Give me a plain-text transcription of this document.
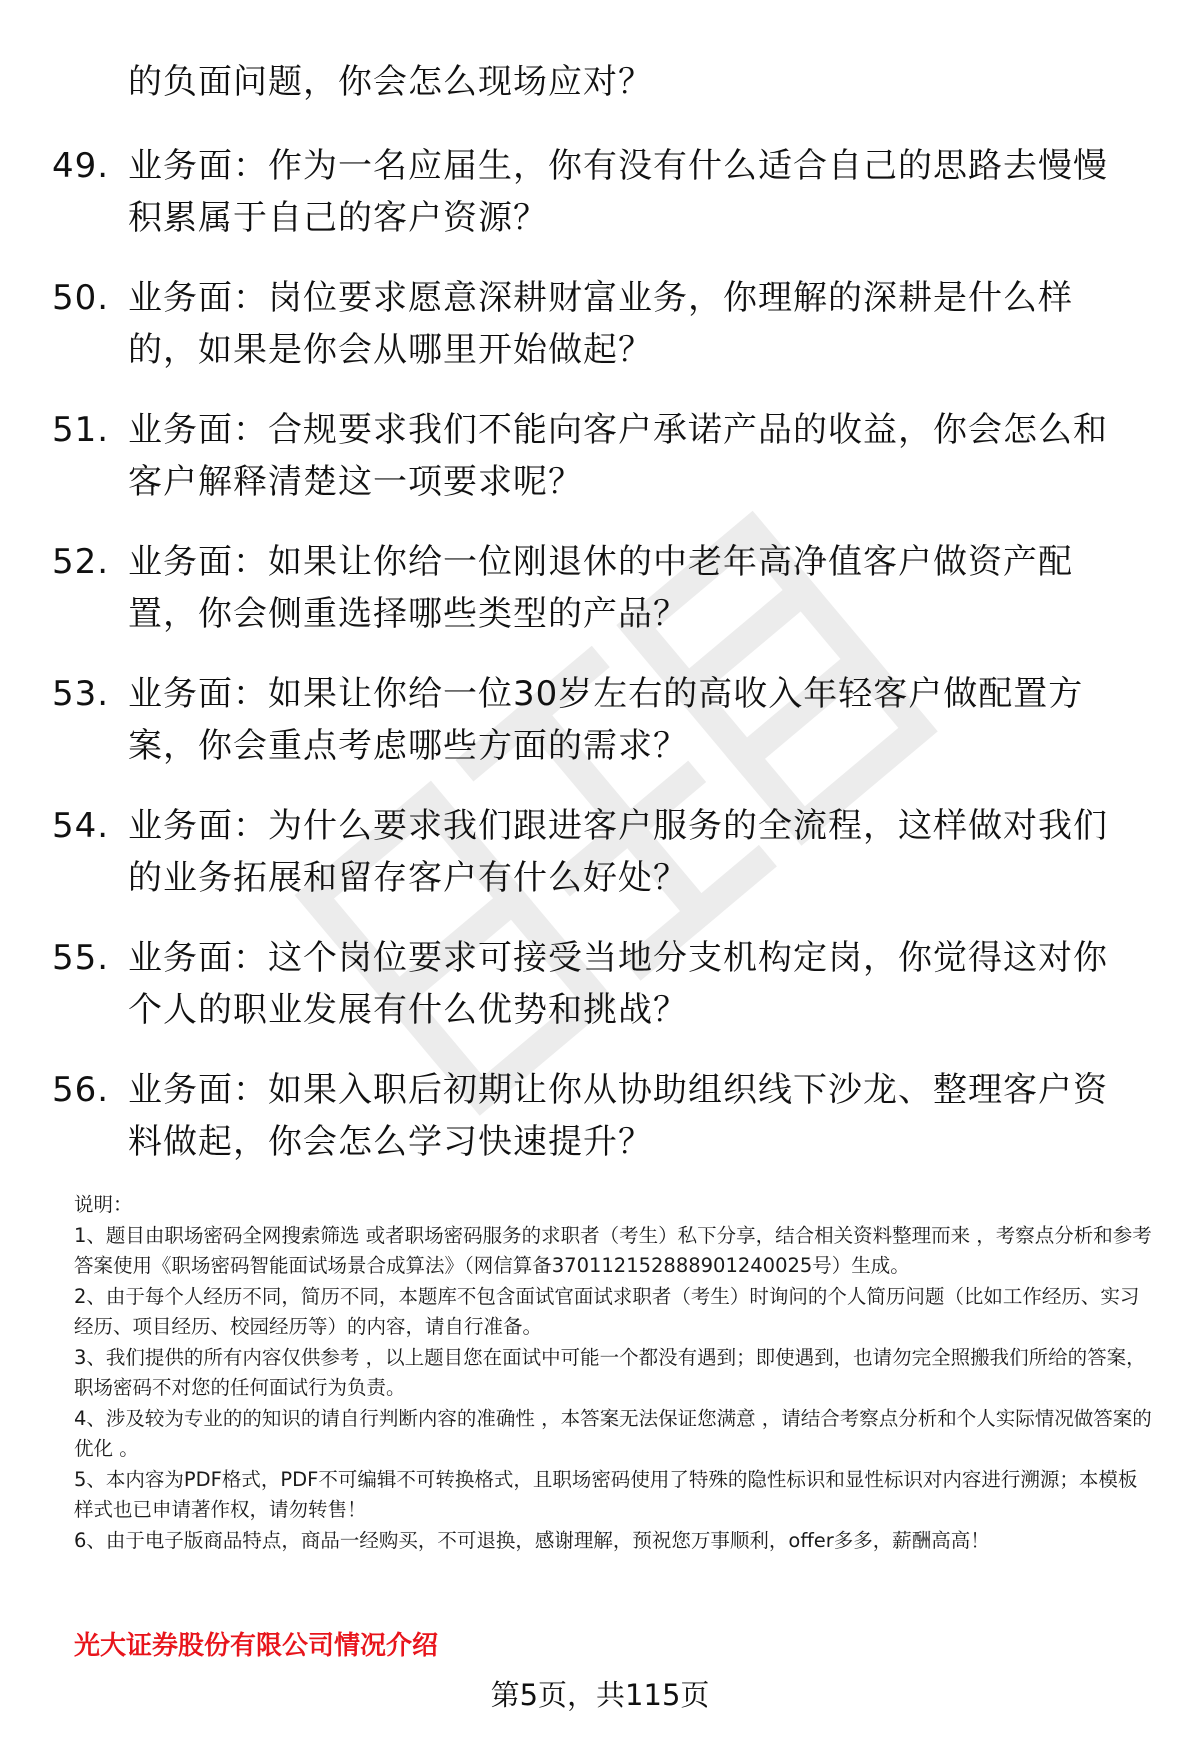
的负面问题，你会怎么现场应对？
49. 业务面：作为一名应届生，你有没有什么适合自己的思路去慢慢积累属于自己的客户资源？
50. 业务面：岗位要求愿意深耕财富业务，你理解的深耕是什么样的，如果是你会从哪里开始做起？
51. 业务面：合规要求我们不能向客户承诺产品的收益，你会怎么和客户解释清楚这一项要求呢？
52. 业务面：如果让你给一位刚退休的中老年高净值客户做资产配置，你会侧重选择哪些类型的产品？
53. 业务面：如果让你给一位30岁左右的高收入年轻客户做配置方案，你会重点考虑哪些方面的需求？
54. 业务面：为什么要求我们跟进客户服务的全流程，这样做对我们的业务拓展和留存客户有什么好处？
55. 业务面：这个岗位要求可接受当地分支机构定岗，你觉得这对你个人的职业发展有什么优势和挑战？
56. 业务面：如果入职后初期让你从协助组织线下沙龙、整理客户资料做起，你会怎么学习快速提升？

说明：

1、题目由职场密码全网搜索筛选 或者职场密码服务的求职者（考生）私下分享，结合相关资料整理而来 ，考察点分析和参考答案使用《职场密码智能面试场景合成算法》（网信算备370112152888901240025号）生成。

2、由于每个人经历不同，简历不同，本题库不包含面试官面试求职者（考生）时询问的个人简历问题（比如工作经历、实习经历、项目经历、校园经历等）的内容，请自行准备。

3、我们提供的所有内容仅供参考 ，以上题目您在面试中可能一个都没有遇到；即使遇到，也请勿完全照搬我们所给的答案，职场密码不对您的任何面试行为负责。

4、涉及较为专业的的知识的请自行判断内容的准确性 ，本答案无法保证您满意 ，请结合考察点分析和个人实际情况做答案的优化 。

5、本内容为PDF格式，PDF不可编辑不可转换格式，且职场密码使用了特殊的隐性标识和显性标识对内容进行溯源；本模板样式也已申请著作权，请勿转售！

6、由于电子版商品特点，商品一经购买，不可退换，感谢理解，预祝您万事顺利，offer多多，薪酬高高！

光大证券股份有限公司情况介绍
第5页，共115页
